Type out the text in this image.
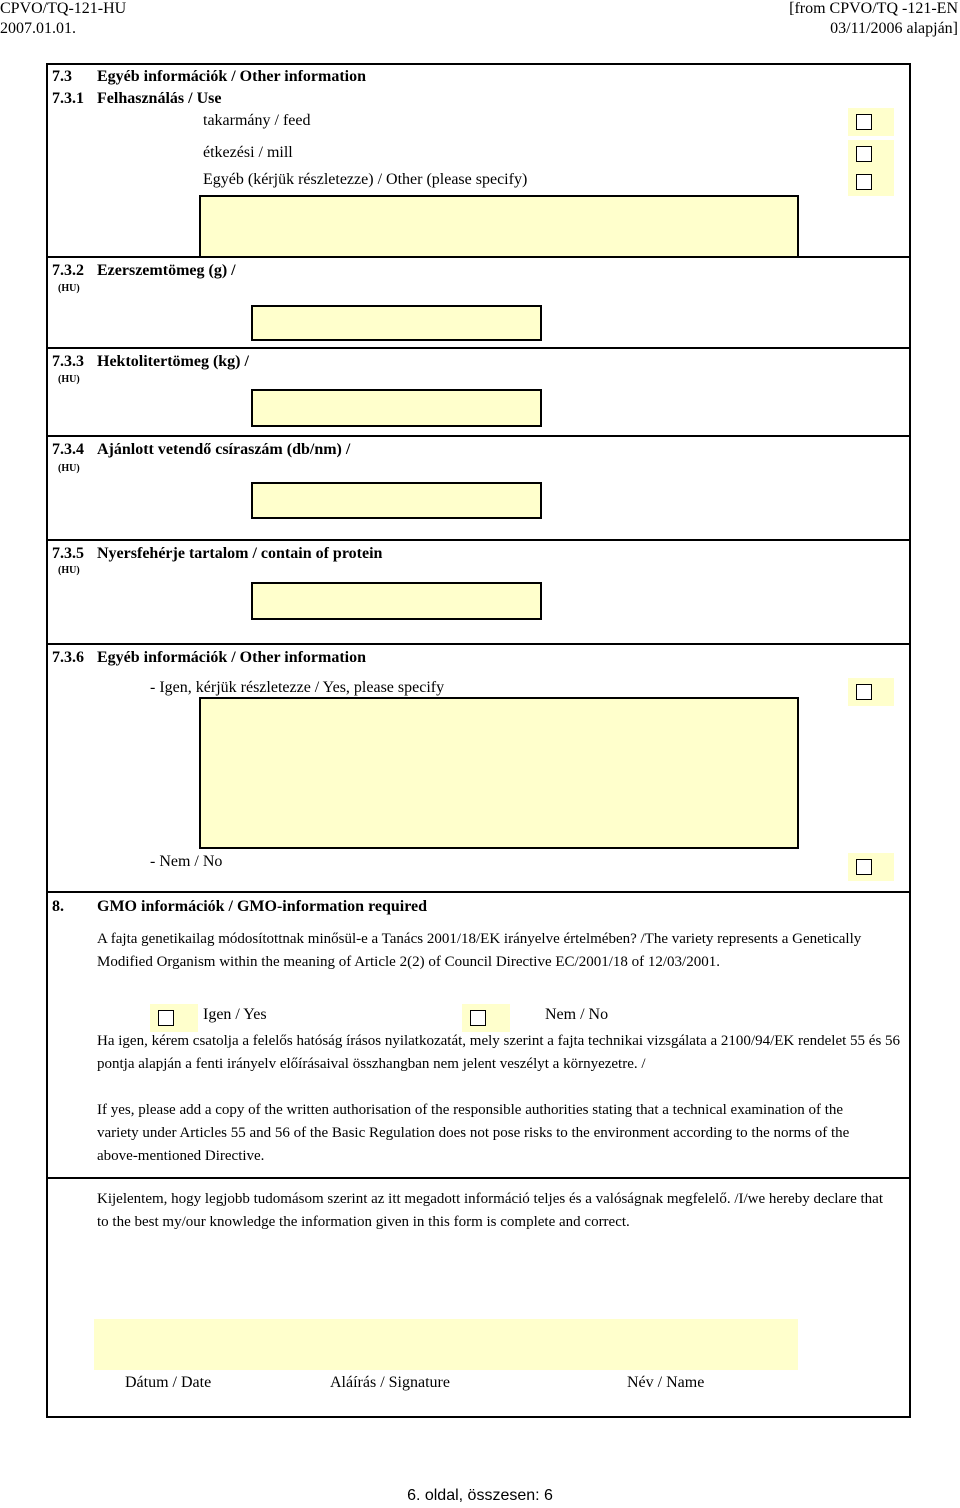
CPVO/TQ-121-HU
2007.01.01.
[from CPVO/TQ -121-EN
03/11/2006 alapján]
7.3 Egyéb információk / Other information
7.3.1 Felhasználás / Use
takarmány / feed
étkezési / mill
Egyéb (kérjük részletezze) / Other (please specify)
7.3.2 Ezerszemtömeg (g) /
(HU)
7.3.3 Hektolitertömeg (kg) /
(HU)
7.3.4 Ajánlott vetendő csíraszám (db/nm) /
(HU)
7.3.5 Nyersfehérje tartalom / contain of protein
(HU)
7.3.6 Egyéb információk / Other information
- Igen, kérjük részletezze / Yes, please specify
- Nem / No
8. GMO információk / GMO-information required
A fajta genetikailag módosítottnak minősül-e a Tanács 2001/18/EK irányelve értelmében? /The variety represents a Genetically Modified Organism within the meaning of Article 2(2) of Council Directive EC/2001/18 of 12/03/2001.
Igen / Yes	Nem / No
Ha igen, kérem csatolja a felelős hatóság írásos nyilatkozatát, mely szerint a fajta technikai vizsgálata a 2100/94/EK rendelet 55 és 56 pontja alapján a fenti irányelv előírásaival összhangban nem jelent veszélyt a környezetre. /
If yes, please add a copy of the written authorisation of the responsible authorities stating that a technical examination of the variety under Articles 55 and 56 of the Basic Regulation does not pose risks to the environment according to the norms of the above-mentioned Directive.
Kijelentem, hogy legjobb tudomásom szerint az itt megadott információ teljes és a valóságnak megfelelő. /I/we hereby declare that to the best my/our knowledge the information given in this form is complete and correct.
Dátum / Date	Aláírás / Signature	Név / Name
6. oldal, összesen: 6
